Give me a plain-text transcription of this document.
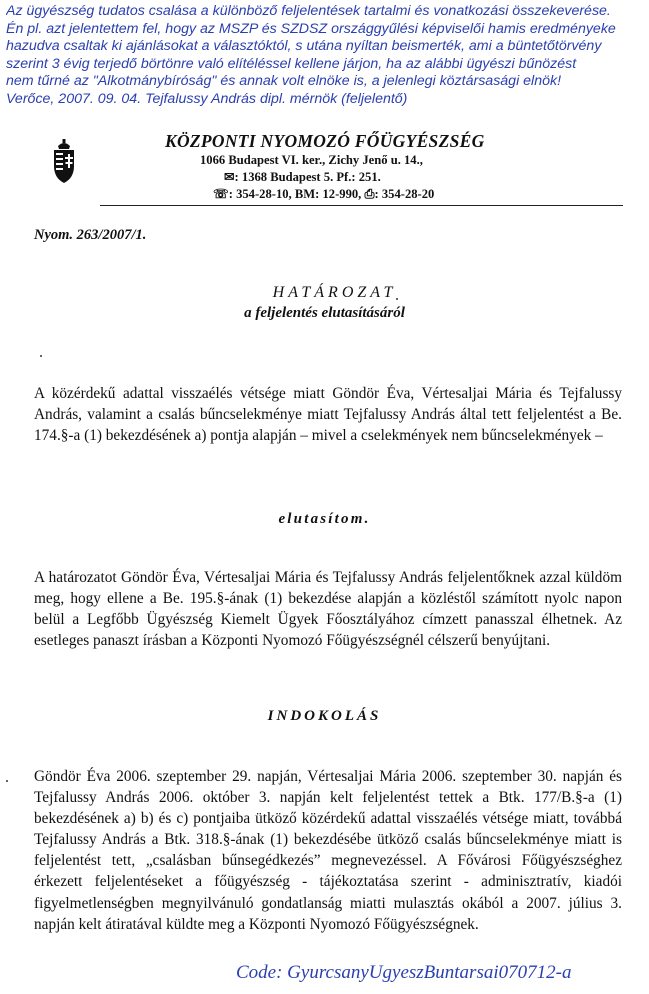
Az ügyészség tudatos csalása a különböző feljelentések tartalmi és vonatkozási összekeverése.
Én pl. azt jelentettem fel, hogy az MSZP és SZDSZ országgyűlési képviselői hamis eredményeke
hazudva csaltak ki ajánlásokat a választóktól, s utána nyíltan beismerték, ami a büntetőtörvény
szerint 3 évig terjedő börtönre való elítéléssel kellene járjon, ha az alábbi ügyészi bűnözést
nem tűrné az "Alkotmánybíróság" és annak volt elnöke is, a jelenlegi köztársasági elnök!
Verőce, 2007. 09. 04. Tejfalussy András dipl. mérnök (feljelentő)
KÖZPONTI NYOMOZÓ FŐÜGYÉSZSÉG
1066 Budapest VI. ker., Zichy Jenő u. 14.,
✉: 1368 Budapest 5. Pf.: 251.
☏: 354-28-10, BM: 12-990, ⎙: 354-28-20
Nyom. 263/2007/1.
HATÁROZAT
a feljelentés elutasításáról
A közérdekű adattal visszaélés vétsége miatt Göndör Éva, Vértesaljai Mária és Tejfalussy András, valamint a csalás bűncselekménye miatt Tejfalussy András által tett feljelentést a Be. 174.§-a (1) bekezdésének a) pontja alapján – mivel a cselekmények nem bűncselekmények –
elutasítom.
A határozatot Göndör Éva, Vértesaljai Mária és Tejfalussy András feljelentőknek azzal küldöm meg, hogy ellene a Be. 195.§-ának (1) bekezdése alapján a közléstől számított nyolc napon belül a Legfőbb Ügyészség Kiemelt Ügyek Főosztályához címzett panasszal élhetnek. Az esetleges panaszt írásban a Központi Nyomozó Főügyészségnél célszerű benyújtani.
INDOKOLÁS
Göndör Éva 2006. szeptember 29. napján, Vértesaljai Mária 2006. szeptember 30. napján és Tejfalussy András 2006. október 3. napján kelt feljelentést tettek a Btk. 177/B.§-a (1) bekezdésének a) b) és c) pontjaiba ütköző közérdekű adattal visszaélés vétsége miatt, továbbá Tejfalussy András a Btk. 318.§-ának (1) bekezdésébe ütköző csalás bűncselekménye miatt is feljelentést tett, „csalásban bűnsegédkezés” megnevezéssel. A Fővárosi Főügyészséghez érkezett feljelentéseket a főügyészség - tájékoztatása szerint - adminisztratív, kiadói figyelmetlenségben megnyilvánuló gondatlanság miatti mulasztás okából a 2007. július 3. napján kelt átiratával küldte meg a Központi Nyomozó Főügyészségnek.
Code: GyurcsanyUgyeszBuntarsai070712-a
